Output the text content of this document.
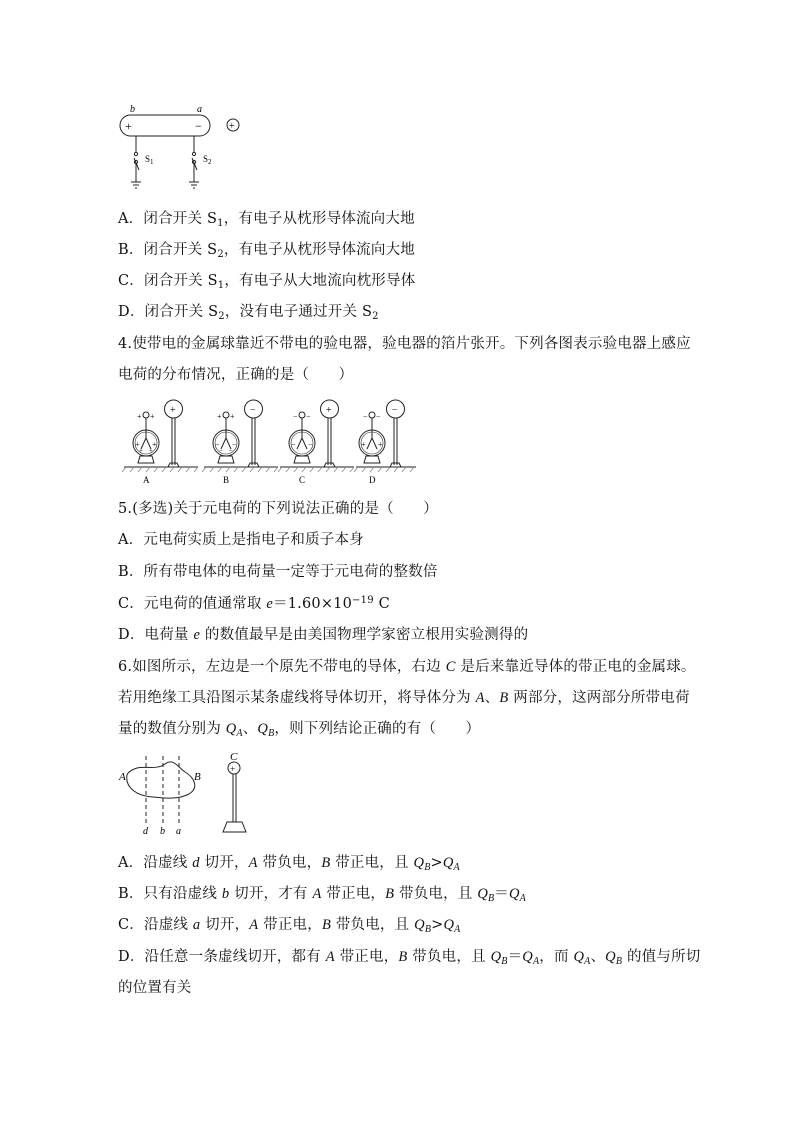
b	a
+	−	+
$S_1$	$S_2$
A．闭合开关 $S_1$，有电子从枕形导体流向大地
B．闭合开关 $S_2$，有电子从枕形导体流向大地
C．闭合开关 $S_1$，有电子从大地流向枕形导体
D．闭合开关 $S_2$，没有电子通过开关 $S_2$
4.使带电的金属球靠近不带电的验电器，验电器的箔片张开。下列各图表示验电器上感应
电荷的分布情况，正确的是（　　）
+ +
+ +
+ +
+
A
+ +
− −
− −
−
B
− −
− −
+
C
− −
+ +
−
D
5.(多选)关于元电荷的下列说法正确的是（　　）
A．元电荷实质上是指电子和质子本身
B．所有带电体的电荷量一定等于元电荷的整数倍
C．元电荷的值通常取 $e=1.60\times 10^{-19}$ C
D．电荷量 e 的数值最早是由美国物理学家密立根用实验测得的
6.如图所示，左边是一个原先不带电的导体，右边 C 是后来靠近导体的带正电的金属球。
若用绝缘工具沿图示某条虚线将导体切开，将导体分为 A、B 两部分，这两部分所带电荷
量的数值分别为 $Q_A$、$Q_B$，则下列结论正确的有（　　）
C
A	B
d b a
+
A．沿虚线 d 切开，A 带负电，B 带正电，且 $Q_B>Q_A$
B．只有沿虚线 b 切开，才有 A 带正电，B 带负电，且 $Q_B=Q_A$
C．沿虚线 a 切开，A 带正电，B 带负电，且 $Q_B>Q_A$
D．沿任意一条虚线切开，都有 A 带正电，B 带负电，且 $Q_B=Q_A$，而 $Q_A$、$Q_B$ 的值与所切
的位置有关
